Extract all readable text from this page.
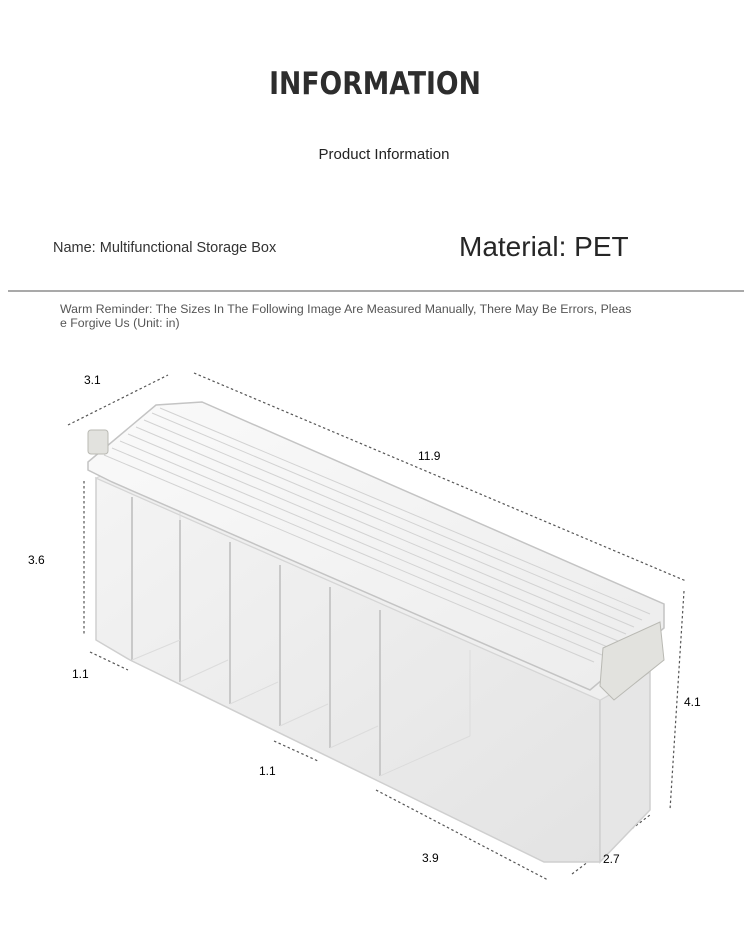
INFORMATION
Product Information
Name: Multifunctional Storage Box	Material: PET
Warm Reminder: The Sizes In The Following Image Are Measured Manually, There May Be Errors, Please Forgive Us (Unit: in)
3.1
11.9
3.6
1.1
1.1
4.1
3.9	2.7
